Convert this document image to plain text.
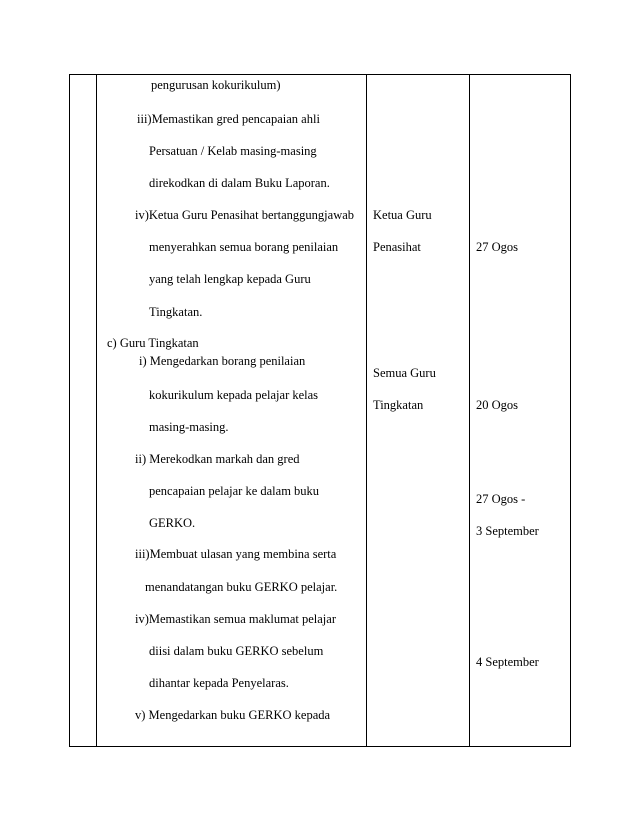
pengurusan kokurikulum)
iii)Memastikan gred pencapaian ahli
Persatuan / Kelab masing-masing
direkodkan di dalam Buku Laporan.
iv)Ketua Guru Penasihat bertanggungjawab
menyerahkan semua borang penilaian
yang telah lengkap kepada Guru
Tingkatan.
c) Guru Tingkatan
i) Mengedarkan borang penilaian
kokurikulum kepada pelajar kelas
masing-masing.
ii) Merekodkan markah dan gred
pencapaian pelajar ke dalam buku
GERKO.
iii)Membuat ulasan yang membina serta
menandatangan buku GERKO pelajar.
iv)Memastikan semua maklumat pelajar
diisi dalam buku GERKO sebelum
dihantar kepada Penyelaras.
v) Mengedarkan buku GERKO kepada
Ketua Guru
Penasihat
Semua Guru
Tingkatan
27 Ogos
20 Ogos
27 Ogos -
3 September
4 September
